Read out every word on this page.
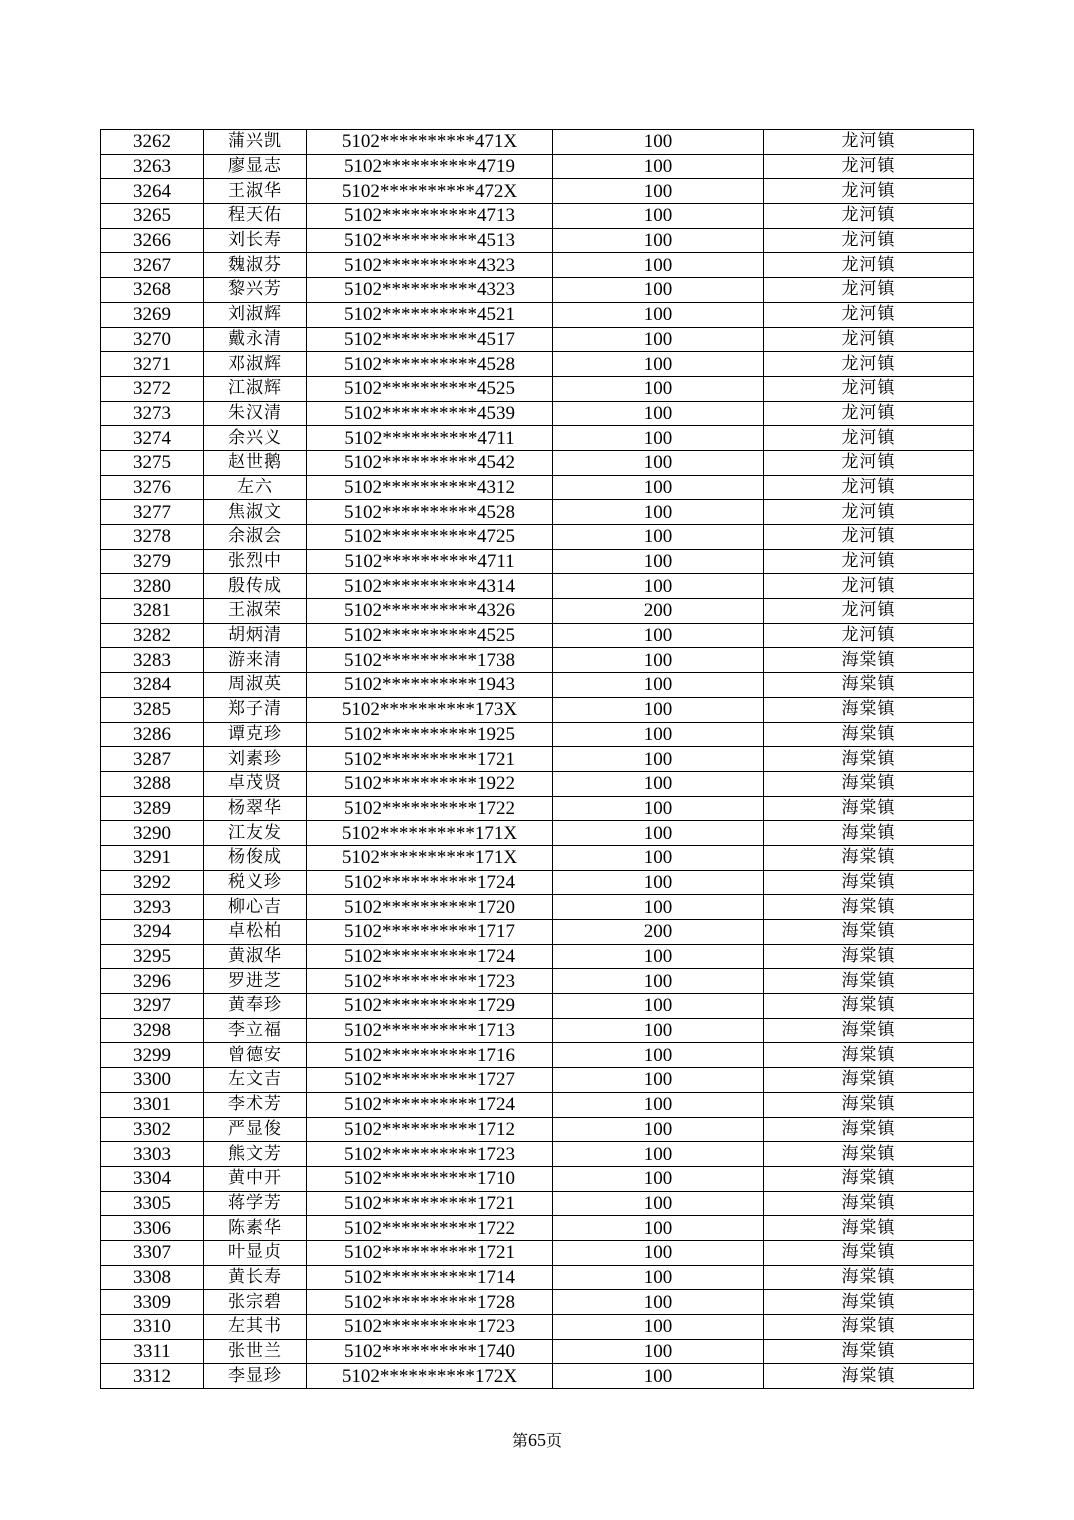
3262	蒲兴凯	5102**********471X	100	龙河镇
3263	廖显志	5102**********4719	100	龙河镇
3264	王淑华	5102**********472X	100	龙河镇
3265	程天佑	5102**********4713	100	龙河镇
3266	刘长寿	5102**********4513	100	龙河镇
3267	魏淑芬	5102**********4323	100	龙河镇
3268	黎兴芳	5102**********4323	100	龙河镇
3269	刘淑辉	5102**********4521	100	龙河镇
3270	戴永清	5102**********4517	100	龙河镇
3271	邓淑辉	5102**********4528	100	龙河镇
3272	江淑辉	5102**********4525	100	龙河镇
3273	朱汉清	5102**********4539	100	龙河镇
3274	余兴义	5102**********4711	100	龙河镇
3275	赵世鹅	5102**********4542	100	龙河镇
3276	左六	5102**********4312	100	龙河镇
3277	焦淑文	5102**********4528	100	龙河镇
3278	余淑会	5102**********4725	100	龙河镇
3279	张烈中	5102**********4711	100	龙河镇
3280	殷传成	5102**********4314	100	龙河镇
3281	王淑荣	5102**********4326	200	龙河镇
3282	胡炳清	5102**********4525	100	龙河镇
3283	游来清	5102**********1738	100	海棠镇
3284	周淑英	5102**********1943	100	海棠镇
3285	郑子清	5102**********173X	100	海棠镇
3286	谭克珍	5102**********1925	100	海棠镇
3287	刘素珍	5102**********1721	100	海棠镇
3288	卓茂贤	5102**********1922	100	海棠镇
3289	杨翠华	5102**********1722	100	海棠镇
3290	江友发	5102**********171X	100	海棠镇
3291	杨俊成	5102**********171X	100	海棠镇
3292	税义珍	5102**********1724	100	海棠镇
3293	柳心吉	5102**********1720	100	海棠镇
3294	卓松柏	5102**********1717	200	海棠镇
3295	黄淑华	5102**********1724	100	海棠镇
3296	罗进芝	5102**********1723	100	海棠镇
3297	黄奉珍	5102**********1729	100	海棠镇
3298	李立福	5102**********1713	100	海棠镇
3299	曾德安	5102**********1716	100	海棠镇
3300	左文吉	5102**********1727	100	海棠镇
3301	李术芳	5102**********1724	100	海棠镇
3302	严显俊	5102**********1712	100	海棠镇
3303	熊文芳	5102**********1723	100	海棠镇
3304	黄中开	5102**********1710	100	海棠镇
3305	蒋学芳	5102**********1721	100	海棠镇
3306	陈素华	5102**********1722	100	海棠镇
3307	叶显贞	5102**********1721	100	海棠镇
3308	黄长寿	5102**********1714	100	海棠镇
3309	张宗碧	5102**********1728	100	海棠镇
3310	左其书	5102**********1723	100	海棠镇
3311	张世兰	5102**********1740	100	海棠镇
3312	李显珍	5102**********172X	100	海棠镇
第65页
